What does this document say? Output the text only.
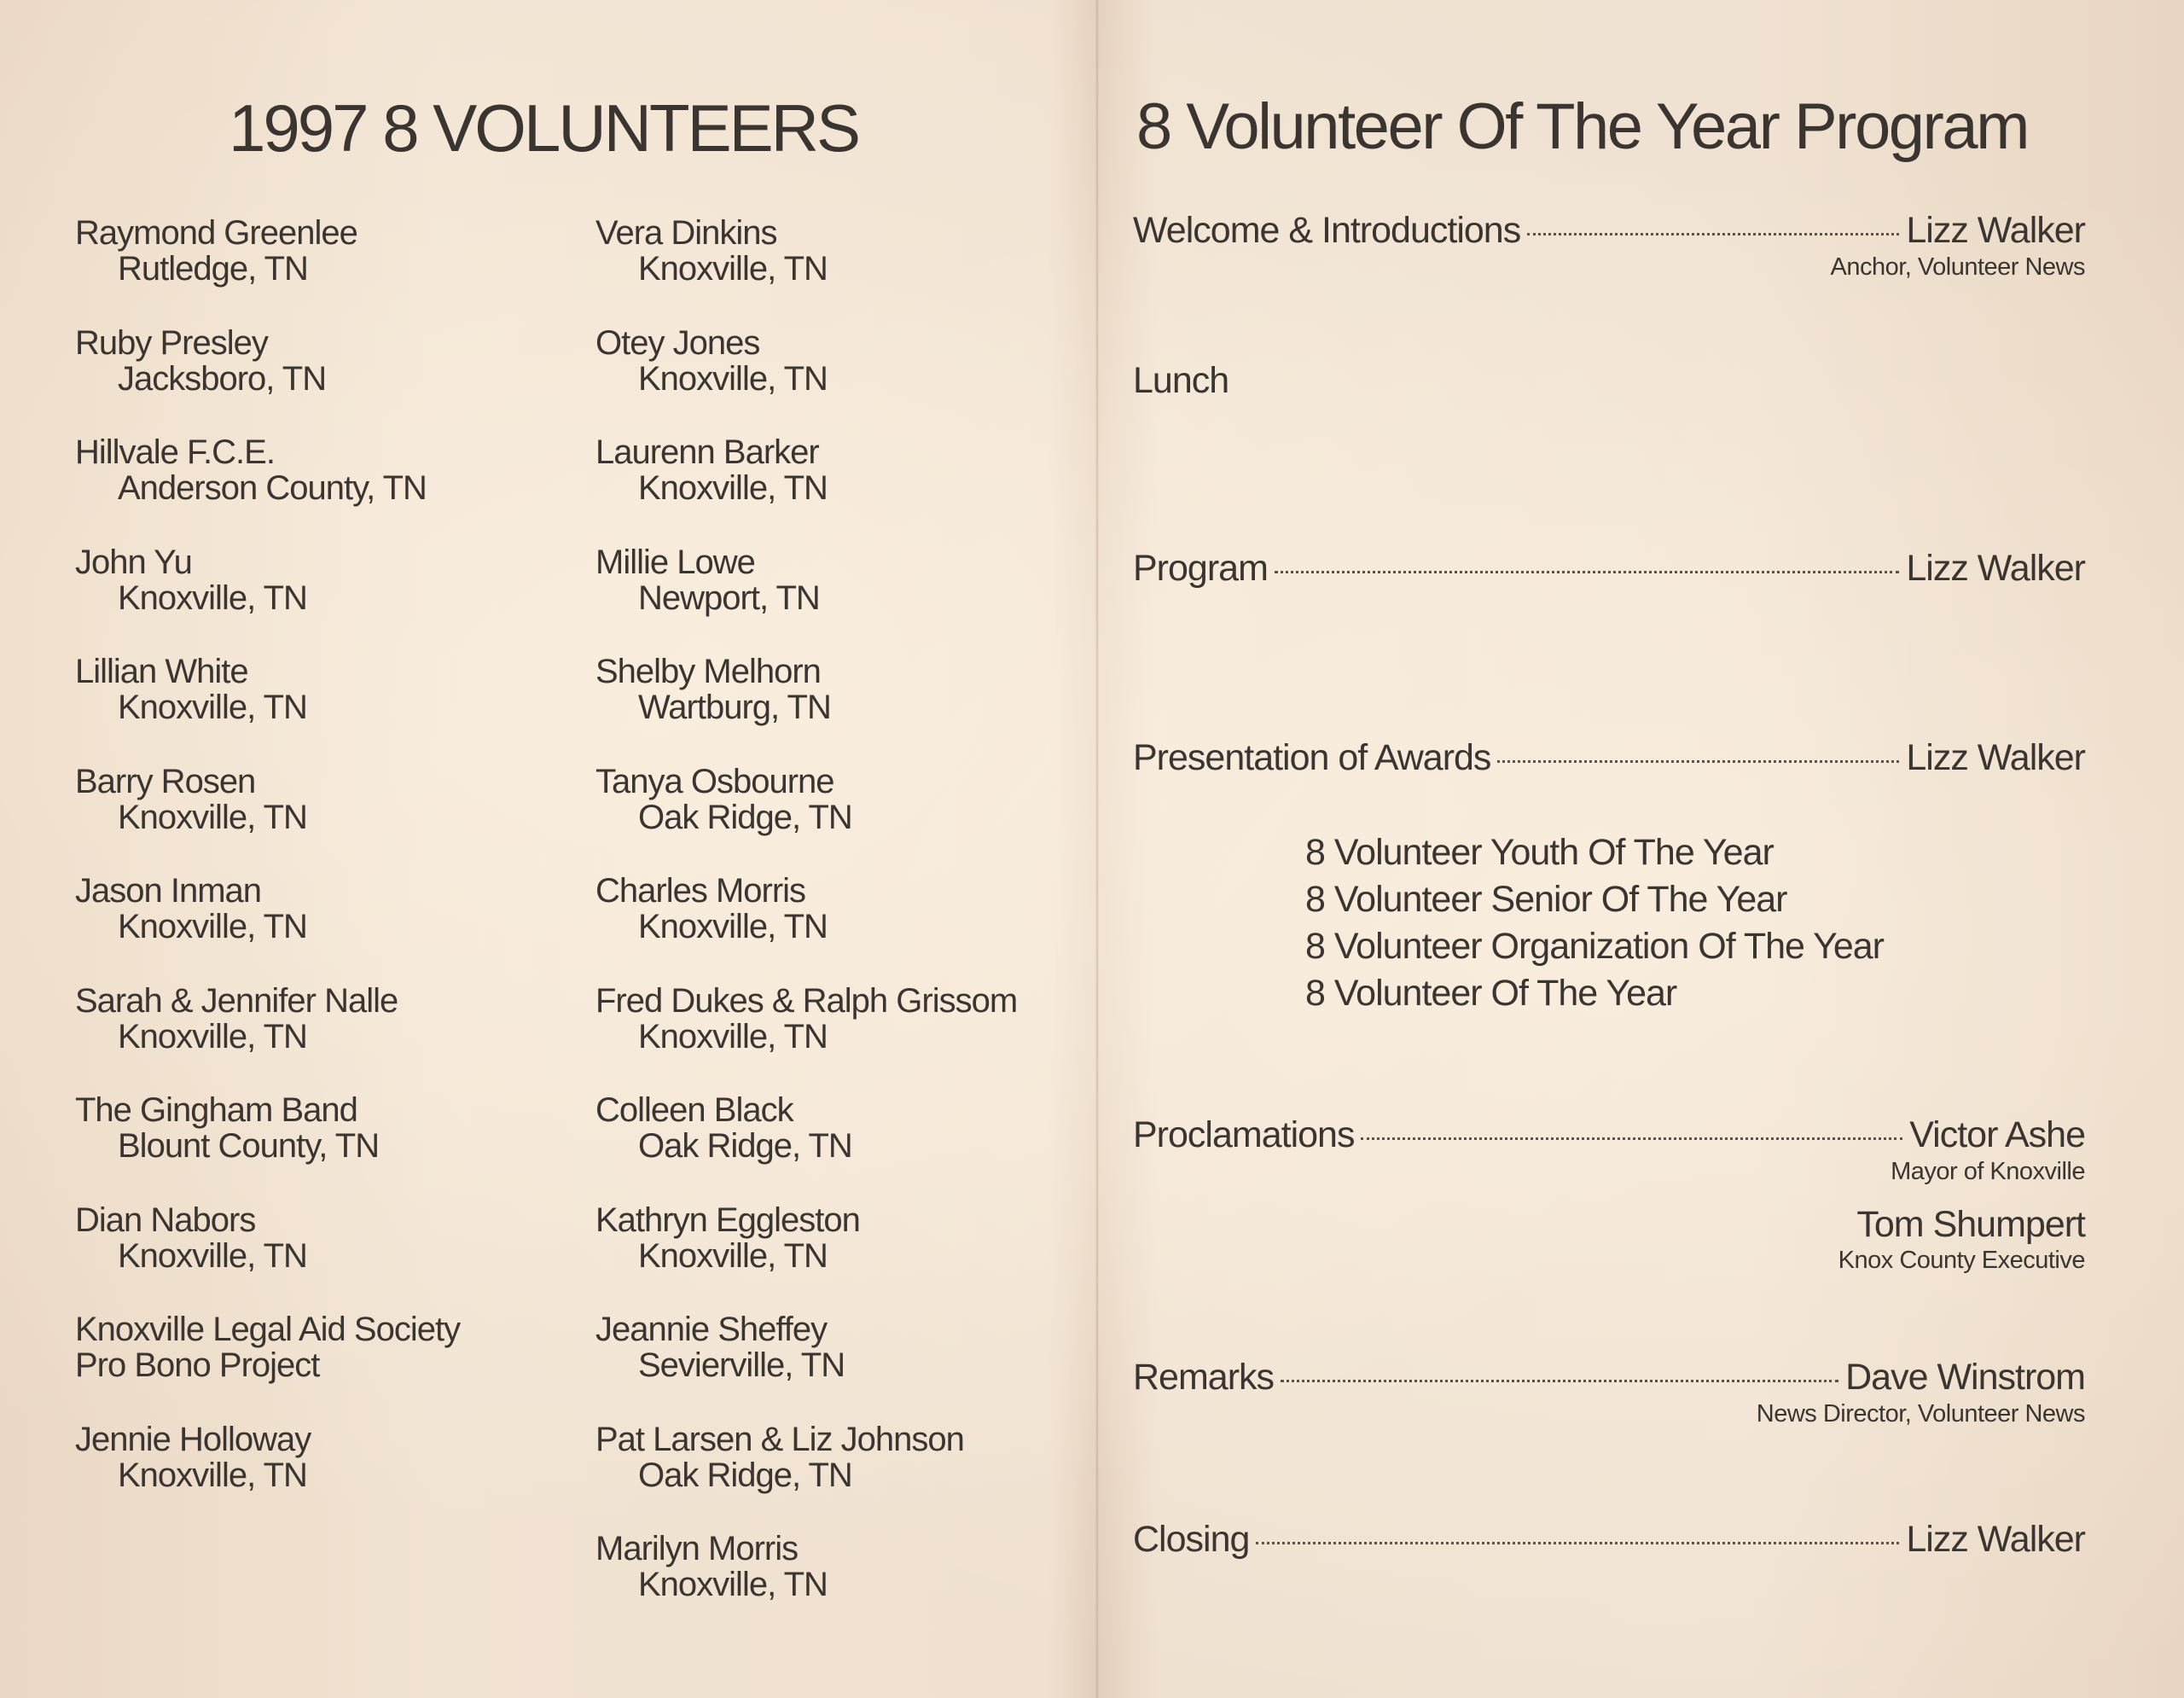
1997 8 VOLUNTEERS
Raymond Greenlee
Rutledge, TN
Ruby Presley
Jacksboro, TN
Hillvale F.C.E.
Anderson County, TN
John Yu
Knoxville, TN
Lillian White
Knoxville, TN
Barry Rosen
Knoxville, TN
Jason Inman
Knoxville, TN
Sarah & Jennifer Nalle
Knoxville, TN
The Gingham Band
Blount County, TN
Dian Nabors
Knoxville, TN
Knoxville Legal Aid Society
Pro Bono Project
Jennie Holloway
Knoxville, TN
Vera Dinkins
Knoxville, TN
Otey Jones
Knoxville, TN
Laurenn Barker
Knoxville, TN
Millie Lowe
Newport, TN
Shelby Melhorn
Wartburg, TN
Tanya Osbourne
Oak Ridge, TN
Charles Morris
Knoxville, TN
Fred Dukes & Ralph Grissom
Knoxville, TN
Colleen Black
Oak Ridge, TN
Kathryn Eggleston
Knoxville, TN
Jeannie Sheffey
Sevierville, TN
Pat Larsen & Liz Johnson
Oak Ridge, TN
Marilyn Morris
Knoxville, TN
8 Volunteer Of The Year Program
Welcome & Introductions	Lizz Walker
Anchor, Volunteer News
Lunch
Program	Lizz Walker
Presentation of Awards	Lizz Walker
8 Volunteer Youth Of The Year
8 Volunteer Senior Of The Year
8 Volunteer Organization Of The Year
8 Volunteer Of The Year
Proclamations	Victor Ashe
Mayor of Knoxville
Tom Shumpert
Knox County Executive
Remarks	Dave Winstrom
News Director, Volunteer News
Closing	Lizz Walker
